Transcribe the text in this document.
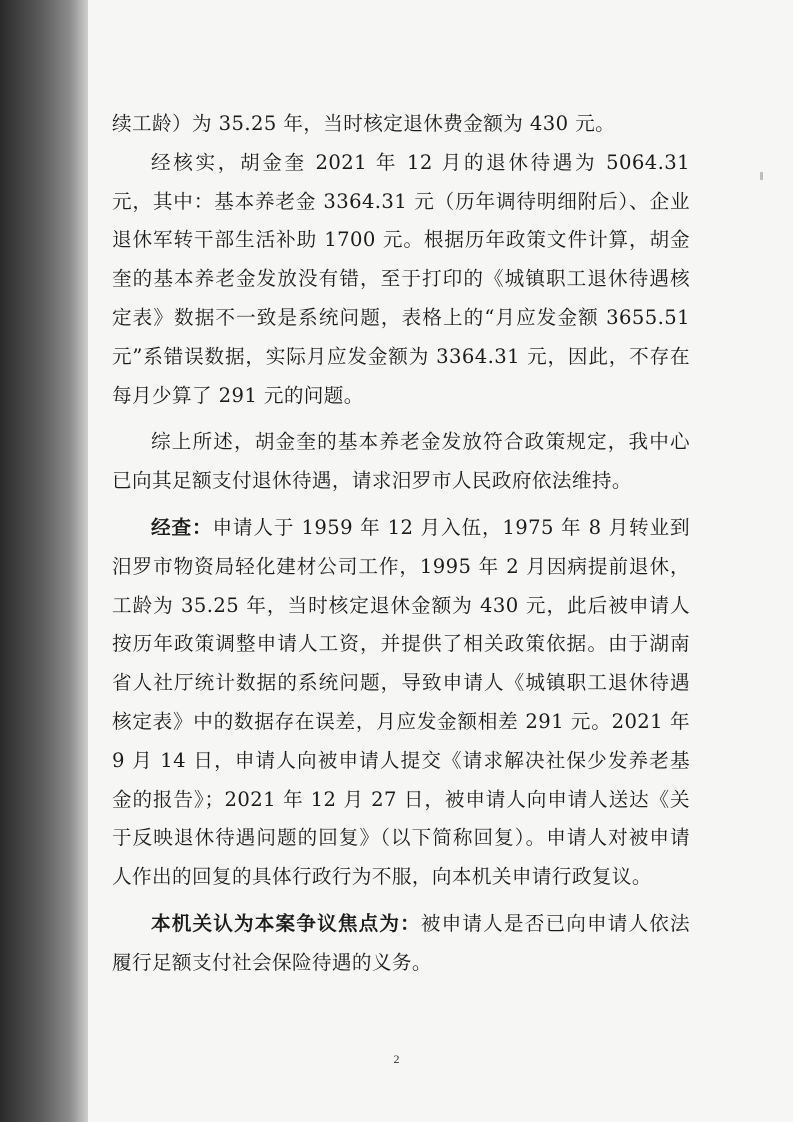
续工龄）为 35.25 年，当时核定退休费金额为 430 元。

经核实，胡金奎 2021 年 12 月的退休待遇为 5064.31 元，其中：基本养老金 3364.31 元（历年调待明细附后）、企业退休军转干部生活补助 1700 元。根据历年政策文件计算，胡金奎的基本养老金发放没有错，至于打印的《城镇职工退休待遇核定表》数据不一致是系统问题，表格上的“月应发金额 3655.51 元”系错误数据，实际月应发金额为 3364.31 元，因此，不存在每月少算了 291 元的问题。

综上所述，胡金奎的基本养老金发放符合政策规定，我中心已向其足额支付退休待遇，请求汨罗市人民政府依法维持。

经查：申请人于 1959 年 12 月入伍，1975 年 8 月转业到汨罗市物资局轻化建材公司工作，1995 年 2 月因病提前退休，工龄为 35.25 年，当时核定退休金额为 430 元，此后被申请人按历年政策调整申请人工资，并提供了相关政策依据。由于湖南省人社厅统计数据的系统问题，导致申请人《城镇职工退休待遇核定表》中的数据存在误差，月应发金额相差 291 元。2021 年 9 月 14 日，申请人向被申请人提交《请求解决社保少发养老基金的报告》；2021 年 12 月 27 日，被申请人向申请人送达《关于反映退休待遇问题的回复》（以下简称回复）。申请人对被申请人作出的回复的具体行政行为不服，向本机关申请行政复议。

本机关认为本案争议焦点为：被申请人是否已向申请人依法履行足额支付社会保险待遇的义务。

2
